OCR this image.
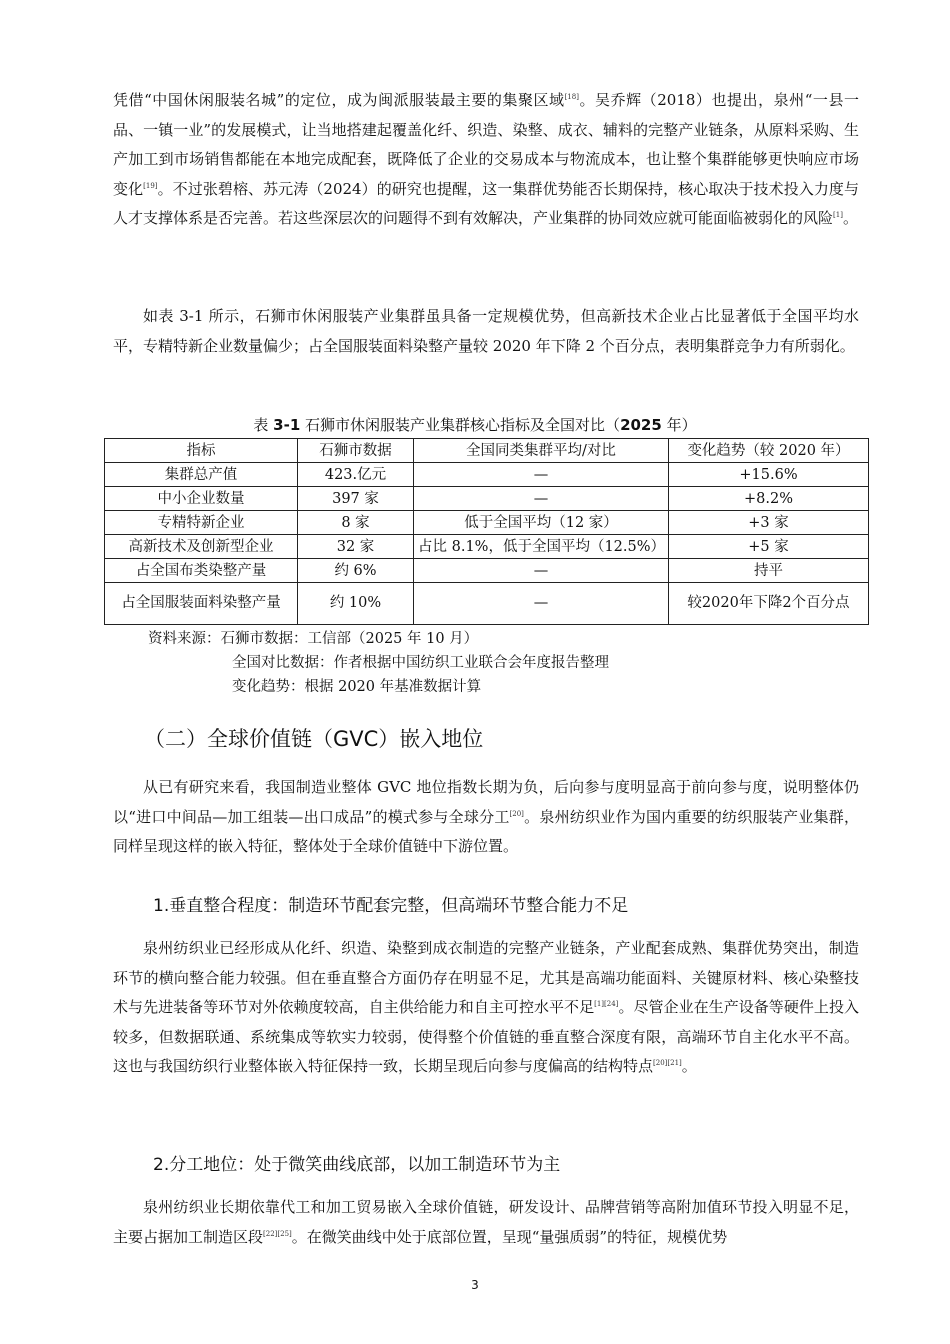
凭借“中国休闲服装名城”的定位，成为闽派服装最主要的集聚区域[18]。吴乔辉（2018）也提出，泉州“一县一品、一镇一业”的发展模式，让当地搭建起覆盖化纤、织造、染整、成衣、辅料的完整产业链条，从原料采购、生产加工到市场销售都能在本地完成配套，既降低了企业的交易成本与物流成本，也让整个集群能够更快响应市场变化[19]。不过张碧榕、苏元涛（2024）的研究也提醒，这一集群优势能否长期保持，核心取决于技术投入力度与人才支撑体系是否完善。若这些深层次的问题得不到有效解决，产业集群的协同效应就可能面临被弱化的风险[1]。

如表 3-1 所示，石狮市休闲服装产业集群虽具备一定规模优势，但高新技术企业占比显著低于全国平均水平，专精特新企业数量偏少；占全国服装面料染整产量较 2020 年下降 2 个百分点，表明集群竞争力有所弱化。

表 3-1 石狮市休闲服装产业集群核心指标及全国对比（2025 年）
指标	石狮市数据	全国同类集群平均/对比	变化趋势（较 2020 年）
集群总产值	423.亿元	—	+15.6%
中小企业数量	397 家	—	+8.2%
专精特新企业	8 家	低于全国平均（12 家）	+3 家
高新技术及创新型企业	32 家	占比 8.1%，低于全国平均（12.5%）	+5 家
占全国布类染整产量	约 6%	—	持平
占全国服装面料染整产量	约 10%	—	较2020年下降2个百分点
资料来源：石狮市数据：工信部（2025 年 10 月）
全国对比数据：作者根据中国纺织工业联合会年度报告整理
变化趋势：根据 2020 年基准数据计算
（二）全球价值链（GVC）嵌入地位

从已有研究来看，我国制造业整体 GVC 地位指数长期为负，后向参与度明显高于前向参与度，说明整体仍以“进口中间品—加工组装—出口成品”的模式参与全球分工[20]。泉州纺织业作为国内重要的纺织服装产业集群，同样呈现这样的嵌入特征，整体处于全球价值链中下游位置。

1.垂直整合程度：制造环节配套完整，但高端环节整合能力不足

泉州纺织业已经形成从化纤、织造、染整到成衣制造的完整产业链条，产业配套成熟、集群优势突出，制造环节的横向整合能力较强。但在垂直整合方面仍存在明显不足，尤其是高端功能面料、关键原材料、核心染整技术与先进装备等环节对外依赖度较高，自主供给能力和自主可控水平不足[1][24]。尽管企业在生产设备等硬件上投入较多，但数据联通、系统集成等软实力较弱，使得整个价值链的垂直整合深度有限，高端环节自主化水平不高。这也与我国纺织行业整体嵌入特征保持一致，长期呈现后向参与度偏高的结构特点[20][21]。

2.分工地位：处于微笑曲线底部，以加工制造环节为主

泉州纺织业长期依靠代工和加工贸易嵌入全球价值链，研发设计、品牌营销等高附加值环节投入明显不足，主要占据加工制造区段[22][25]。在微笑曲线中处于底部位置，呈现“量强质弱”的特征，规模优势

3
